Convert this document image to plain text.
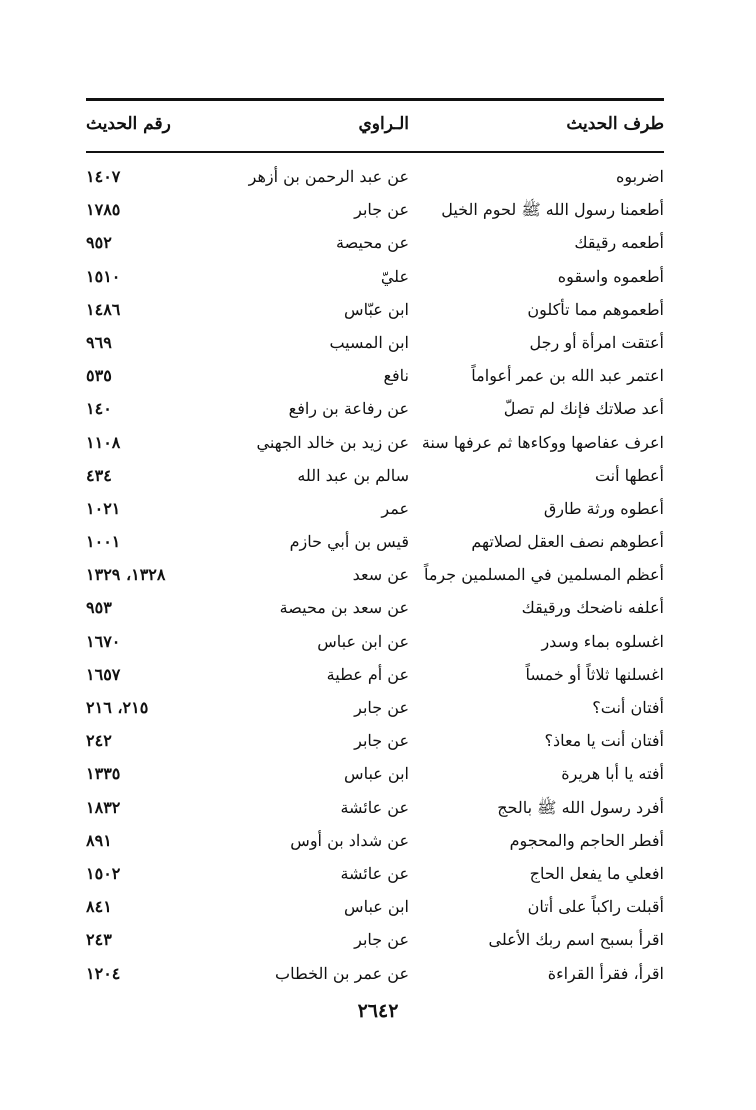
طرف الحديث
الـراوي
رقم الحديث
اضربوه
عن عبد الرحمن بن أزهر
١٤٠٧
أطعمنا رسول الله ﷺ لحوم الخيل
عن جابر
١٧٨٥
أطعمه رقيقك
عن محيصة
٩٥٢
أطعموه واسقوه
عليّ
١٥١٠
أطعموهم مما تأكلون
ابن عبّاس
١٤٨٦
أعتقت امرأة أو رجل
ابن المسيب
٩٦٩
اعتمر عبد الله بن عمر أعواماً
نافع
٥٣٥
أعد صلاتك فإنك لم تصلّ
عن رفاعة بن رافع
١٤٠
اعرف عفاصها ووكاءها ثم عرفها سنة
عن زيد بن خالد الجهني
١١٠٨
أعطها أنت
سالم بن عبد الله
٤٣٤
أعطوه ورثة طارق
عمر
١٠٢١
أعطوهم نصف العقل لصلاتهم
قيس بن أبي حازم
١٠٠١
أعظم المسلمين في المسلمين جرماً
عن سعد
١٣٢٨، ١٣٢٩
أعلفه ناضحك ورقيقك
عن سعد بن محيصة
٩٥٣
اغسلوه بماء وسدر
عن ابن عباس
١٦٧٠
اغسلنها ثلاثاً أو خمساً
عن أم عطية
١٦٥٧
أفتان أنت؟
عن جابر
٢١٥، ٢١٦
أفتان أنت يا معاذ؟
عن جابر
٢٤٢
أفته يا أبا هريرة
ابن عباس
١٣٣٥
أفرد رسول الله ﷺ بالحج
عن عائشة
١٨٣٢
أفطر الحاجم والمحجوم
عن شداد بن أوس
٨٩١
افعلي ما يفعل الحاج
عن عائشة
١٥٠٢
أقبلت راكباً على أتان
ابن عباس
٨٤١
اقرأ بسبح اسم ربك الأعلى
عن جابر
٢٤٣
اقرأ، فقرأ القراءة
عن عمر بن الخطاب
١٢٠٤
٢٦٤٢
